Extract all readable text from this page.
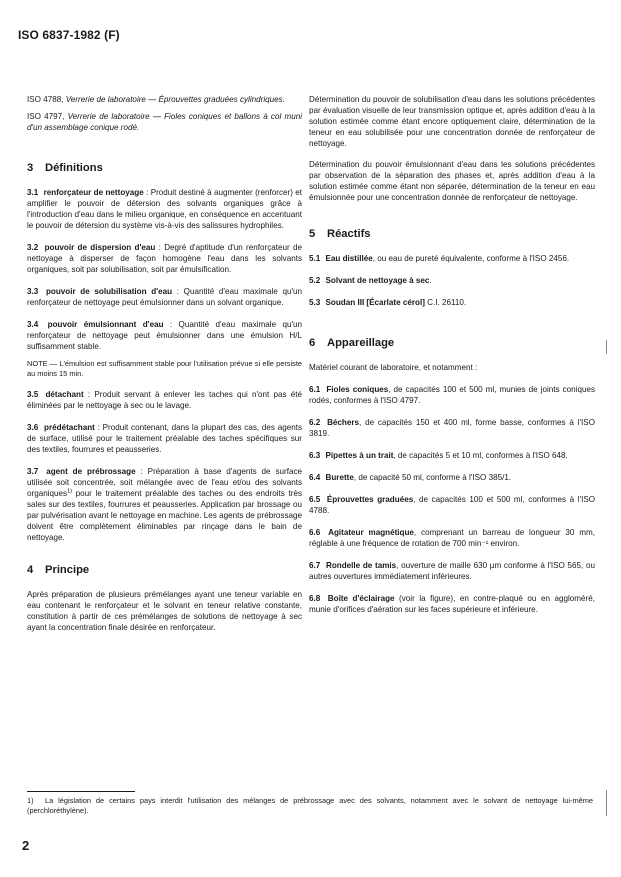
ISO 6837-1982 (F)

ISO 4788, Verrerie de laboratoire — Éprouvettes graduées cylindriques.

ISO 4797, Verrerie de laboratoire — Fioles coniques et ballons à col muni d'un assemblage conique rodé.

3 Définitions

3.1 renforçateur de nettoyage : Produit destiné à augmenter (renforcer) et amplifier le pouvoir de détersion des solvants organiques grâce à l'introduction d'eau dans le milieu organique, en conséquence en accentuant le pouvoir de détersion du système vis-à-vis des salissures hydrophiles.

3.2 pouvoir de dispersion d'eau : Degré d'aptitude d'un renforçateur de nettoyage à disperser de façon homogène l'eau dans les solvants organiques, soit par solubilisation, soit par émulsification.

3.3 pouvoir de solubilisation d'eau : Quantité d'eau maximale qu'un renforçateur de nettoyage peut émulsionner dans un solvant organique.

3.4 pouvoir émulsionnant d'eau : Quantité d'eau maximale qu'un renforçateur de nettoyage peut émulsionner dans une émulsion H/L suffisamment stable.

NOTE — L'émulsion est suffisamment stable pour l'utilisation prévue si elle persiste au moins 15 min.

3.5 détachant : Produit servant à enlever les taches qui n'ont pas été éliminées par le nettoyage à sec ou le lavage.

3.6 prédétachant : Produit contenant, dans la plupart des cas, des agents de surface, utilisé pour le traitement préalable des taches spécifiques sur des textiles, fourrures et peausseries.

3.7 agent de prébrossage : Préparation à base d'agents de surface utilisée soit concentrée, soit mélangée avec de l'eau et/ou des solvants organiques$^{1)}$ pour le traitement préalable des taches ou des endroits très sales sur des textiles, fourrures et peausseries. Application par brossage ou par pulvérisation avant le nettoyage en machine. Les agents de prébrossage doivent être complètement éliminables par rinçage dans le bain de nettoyage.

4 Principe

Après préparation de plusieurs prémélanges ayant une teneur variable en eau contenant le renforçateur et le solvant en teneur relative constante, constitution à partir de ces prémélanges de solutions de nettoyage à sec ayant la concentration finale désirée en renforçateur.

Détermination du pouvoir de solubilisation d'eau dans les solutions précédentes par évaluation visuelle de leur transmission optique et, après addition d'eau à la solution estimée comme étant encore optiquement claire, détermination de la teneur en eau solubilisée pour une concentration donnée de renforçateur de nettoyage.

Détermination du pouvoir émulsionnant d'eau dans les solutions précédentes par observation de la séparation des phases et, après addition d'eau à la solution estimée comme étant non séparée, détermination de la teneur en eau émulsionnée pour une concentration donnée de renforçateur de nettoyage.

5 Réactifs

5.1 Eau distillée, ou eau de pureté équivalente, conforme à l'ISO 2456.

5.2 Solvant de nettoyage à sec.

5.3 Soudan III [Écarlate cérol] C.I. 26110.

6 Appareillage

Matériel courant de laboratoire, et notamment :

6.1 Fioles coniques, de capacités 100 et 500 ml, munies de joints coniques rodés, conformes à l'ISO 4797.

6.2 Béchers, de capacités 150 et 400 ml, forme basse, conformes à l'ISO 3819.

6.3 Pipettes à un trait, de capacités 5 et 10 ml, conformes à l'ISO 648.

6.4 Burette, de capacité 50 ml, conforme à l'ISO 385/1.

6.5 Éprouvettes graduées, de capacités 100 et 500 ml, conformes à l'ISO 4788.

6.6 Agitateur magnétique, comprenant un barreau de longueur 30 mm, réglable à une fréquence de rotation de 700 min⁻¹ environ.

6.7 Rondelle de tamis, ouverture de maille 630 µm conforme à l'ISO 565, ou autres ouvertures immédiatement inférieures.

6.8 Boîte d'éclairage (voir la figure), en contre-plaqué ou en aggloméré, munie d'orifices d'aération sur les faces supérieure et inférieure.

1) La législation de certains pays interdit l'utilisation des mélanges de prébrossage avec des solvants, notamment avec le solvant de nettoyage lui-même (perchloréthylène).

2
